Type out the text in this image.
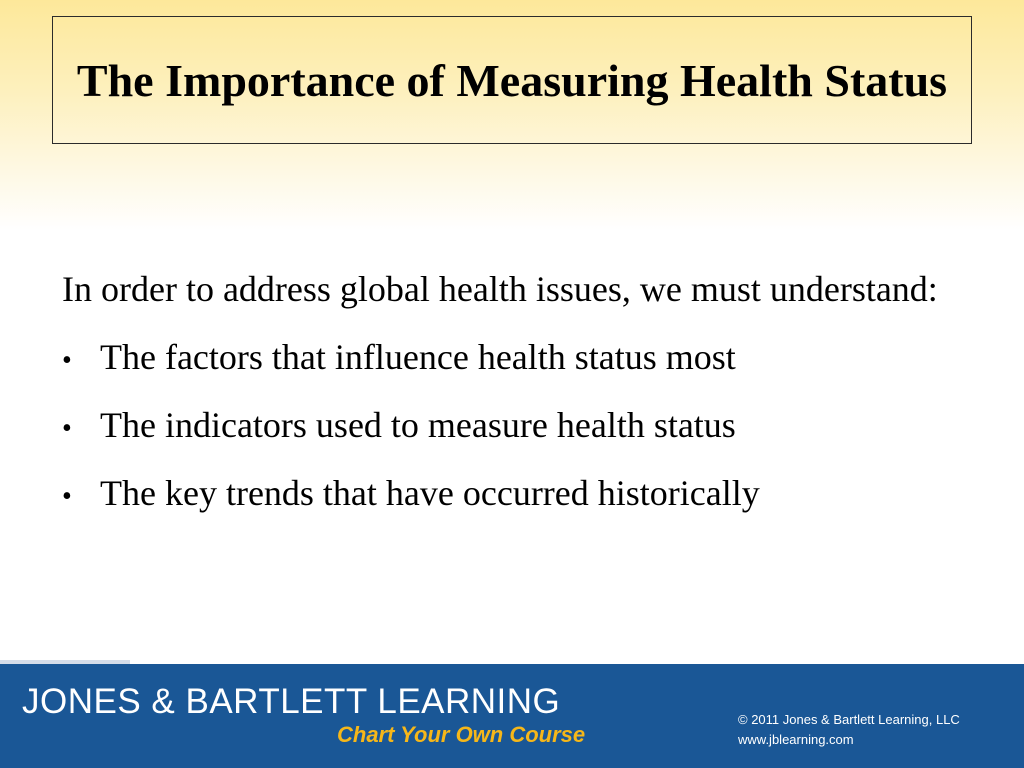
The Importance of Measuring Health Status

In order to address global health issues, we must understand:

• The factors that influence health status most
• The indicators used to measure health status
• The key trends that have occurred historically

JONES & BARTLETT LEARNING

Chart Your Own Course

© 2011 Jones & Bartlett Learning, LLC

www.jblearning.com
